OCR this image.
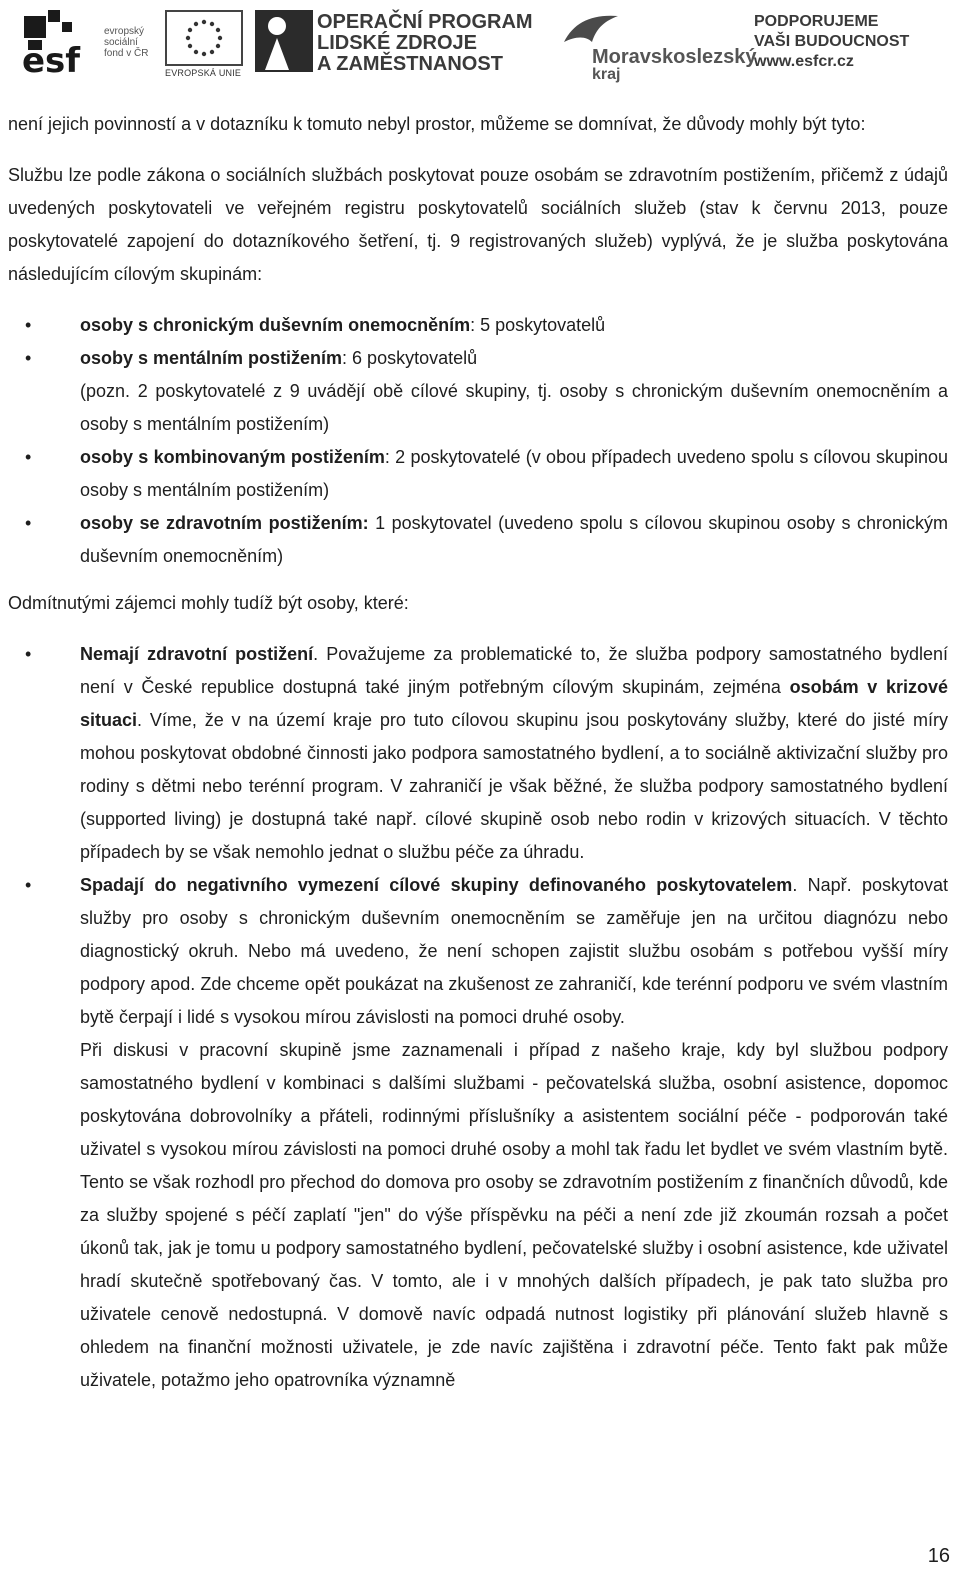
esf
evropský
sociální
fond v ČR
EVROPSKÁ UNIE
OPERAČNÍ PROGRAM
LIDSKÉ ZDROJE
A ZAMĚSTNANOST	Moravskoslezský
kraj
PODPORUJEME
VAŠI BUDOUCNOST
www.esfcr.cz

není jejich povinností a v dotazníku k tomuto nebyl prostor, můžeme se domnívat, že důvody mohly být tyto:

Službu lze podle zákona o sociálních službách poskytovat pouze osobám se zdravotním postižením, přičemž z údajů uvedených poskytovateli ve veřejném registru poskytovatelů sociálních služeb (stav k červnu 2013, pouze poskytovatelé zapojení do dotazníkového šetření, tj. 9 registrovaných služeb) vyplývá, že je služba poskytována následujícím cílovým skupinám:

•	osoby s chronickým duševním onemocněním: 5 poskytovatelů
•	osoby s mentálním postižením: 6 poskytovatelů
(pozn. 2 poskytovatelé z 9 uvádějí obě cílové skupiny, tj. osoby s chronickým duševním onemocněním a osoby s mentálním postižením)
•	osoby s kombinovaným postižením: 2 poskytovatelé (v obou případech uvedeno spolu s cílovou skupinou osoby s mentálním postižením)
•	osoby se zdravotním postižením: 1 poskytovatel (uvedeno spolu s cílovou skupinou osoby s chronickým duševním onemocněním)

Odmítnutými zájemci mohly tudíž být osoby, které:

•	Nemají zdravotní postižení. Považujeme za problematické to, že služba podpory samostatného bydlení není v České republice dostupná také jiným potřebným cílovým skupinám, zejména osobám v krizové situaci. Víme, že v na území kraje pro tuto cílovou skupinu jsou poskytovány služby, které do jisté míry mohou poskytovat obdobné činnosti jako podpora samostatného bydlení, a to sociálně aktivizační služby pro rodiny s dětmi nebo terénní program. V zahraničí je však běžné, že služba podpory samostatného bydlení (supported living) je dostupná také např. cílové skupině osob nebo rodin v krizových situacích. V těchto případech by se však nemohlo jednat o službu péče za úhradu.
•	Spadají do negativního vymezení cílové skupiny definovaného poskytovatelem. Např. poskytovat služby pro osoby s chronickým duševním onemocněním se zaměřuje jen na určitou diagnózu nebo diagnostický okruh. Nebo má uvedeno, že není schopen zajistit službu osobám s potřebou vyšší míry podpory apod. Zde chceme opět poukázat na zkušenost ze zahraničí, kde terénní podporu ve svém vlastním bytě čerpají i lidé s vysokou mírou závislosti na pomoci druhé osoby.

Při diskusi v pracovní skupině jsme zaznamenali i případ z našeho kraje, kdy byl službou podpory samostatného bydlení v kombinaci s dalšími službami - pečovatelská služba, osobní asistence, dopomoc poskytována dobrovolníky a přáteli, rodinnými příslušníky a asistentem sociální péče - podporován také uživatel s vysokou mírou závislosti na pomoci druhé osoby a mohl tak řadu let bydlet ve svém vlastním bytě. Tento se však rozhodl pro přechod do domova pro osoby se zdravotním postižením z finančních důvodů, kde za služby spojené s péčí zaplatí "jen" do výše příspěvku na péči a není zde již zkoumán rozsah a počet úkonů tak, jak je tomu u podpory samostatného bydlení, pečovatelské služby i osobní asistence, kde uživatel hradí skutečně spotřebovaný čas. V tomto, ale i v mnohých dalších případech, je pak tato služba pro uživatele cenově nedostupná. V domově navíc odpadá nutnost logistiky při plánování služeb hlavně s ohledem na finanční možnosti uživatele, je zde navíc zajištěna i zdravotní péče. Tento fakt pak může uživatele, potažmo jeho opatrovníka významně

16
